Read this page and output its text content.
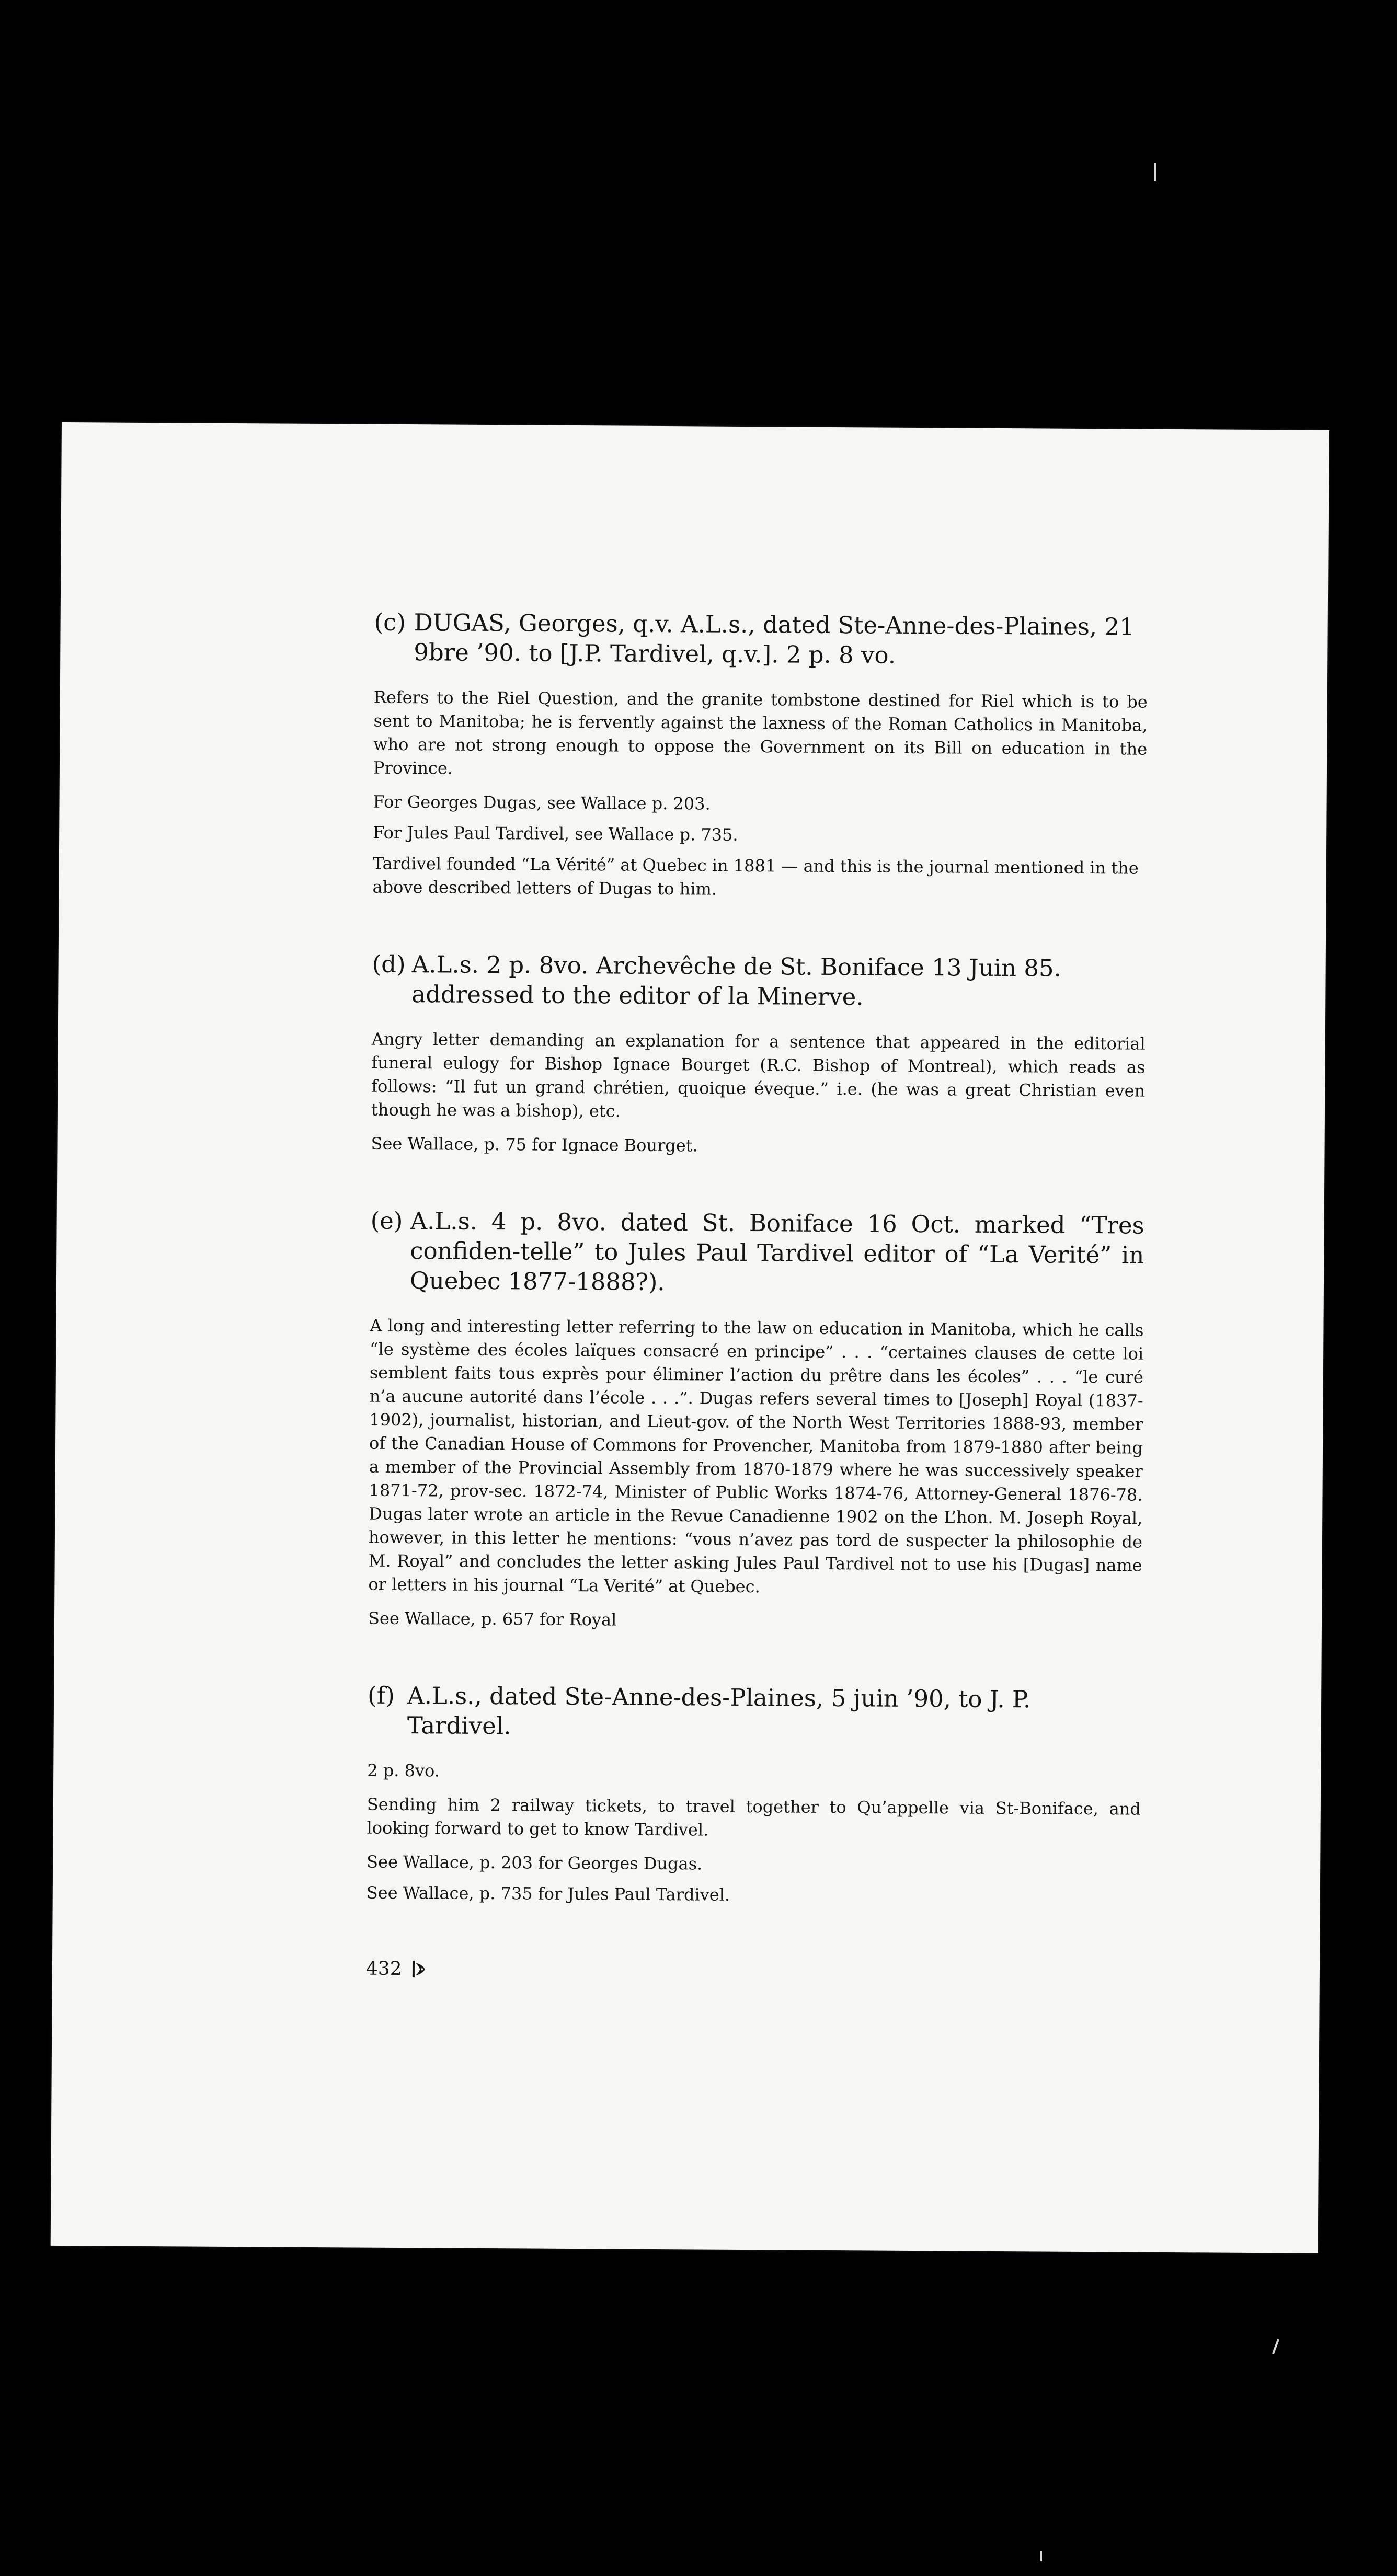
(c) DUGAS, Georges, q.v. A.L.s., dated Ste-Anne-des-Plaines, 21 9bre ’90. to [J.P. Tardivel, q.v.]. 2 p. 8 vo.

Refers to the Riel Question, and the granite tombstone destined for Riel which is to be sent to Manitoba; he is fervently against the laxness of the Roman Catholics in Manitoba, who are not strong enough to oppose the Government on its Bill on education in the Province.

For Georges Dugas, see Wallace p. 203.

For Jules Paul Tardivel, see Wallace p. 735.

Tardivel founded “La Vérité” at Quebec in 1881 — and this is the journal mentioned in the above described letters of Dugas to him.

(d) A.L.s. 2 p. 8vo. Archevêche de St. Boniface 13 Juin 85. addressed to the editor of la Minerve.

Angry letter demanding an explanation for a sentence that appeared in the editorial funeral eulogy for Bishop Ignace Bourget (R.C. Bishop of Montreal), which reads as follows: “Il fut un grand chrétien, quoique éveque.” i.e. (he was a great Christian even though he was a bishop), etc.

See Wallace, p. 75 for Ignace Bourget.

(e) A.L.s. 4 p. 8vo. dated St. Boniface 16 Oct. marked “Tres confiden-telle” to Jules Paul Tardivel editor of “La Verité” in Quebec 1877-1888?).

A long and interesting letter referring to the law on education in Manitoba, which he calls “le système des écoles laïques consacré en principe” . . . “certaines clauses de cette loi semblent faits tous exprès pour éliminer l’action du prêtre dans les écoles” . . . “le curé n’a aucune autorité dans l’école . . .”. Dugas refers several times to [Joseph] Royal (1837-1902), journalist, historian, and Lieut-gov. of the North West Territories 1888-93, member of the Canadian House of Commons for Provencher, Manitoba from 1879-1880 after being a member of the Provincial Assembly from 1870-1879 where he was successively speaker 1871-72, prov-sec. 1872-74, Minister of Public Works 1874-76, Attorney-General 1876-78. Dugas later wrote an article in the Revue Canadienne 1902 on the L’hon. M. Joseph Royal, however, in this letter he mentions: “vous n’avez pas tord de suspecter la philosophie de M. Royal” and concludes the letter asking Jules Paul Tardivel not to use his [Dugas] name or letters in his journal “La Verité” at Quebec.

See Wallace, p. 657 for Royal

(f) A.L.s., dated Ste-Anne-des-Plaines, 5 juin ’90, to J. P. Tardivel.

2 p. 8vo.

Sending him 2 railway tickets, to travel together to Qu’appelle via St-Boniface, and looking forward to get to know Tardivel.

See Wallace, p. 203 for Georges Dugas.

See Wallace, p. 735 for Jules Paul Tardivel.

432
